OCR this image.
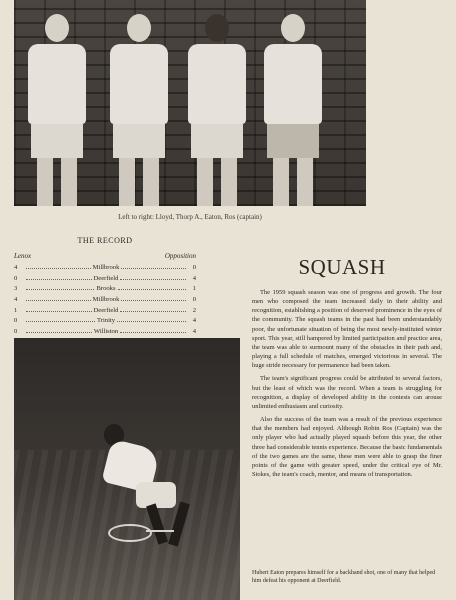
Left to right: Lloyd, Thorp A., Eaton, Ros (captain)
THE RECORD
Lenox	Opposition
4	Millbrook	0
0	Deerfield	4
3	Brooks	1
4	Millbrook	0
1	Deerfield	2
0	Trinity	4
0	Williston	4
SQUASH

The 1959 squash season was one of progress and growth. The four men who composed the team increased daily in their ability and recognition, establishing a position of deserved prominence in the eyes of the community. The squash teams in the past had been understandably poor, the unfortunate situation of being the most newly-instituted winter sport. This year, still hampered by limited participation and practice area, the team was able to surmount many of the obstacles in their path and, playing a full schedule of matches, emerged victorious in several. The huge stride necessary for permanence had been taken.

The team's significant progress could be attributed to several factors, but the least of which was the record. When a team is struggling for recognition, a display of developed ability in the contests can arouse unlimited enthusiasm and curiosity.

Also the success of the team was a result of the previous experience that the members had enjoyed. Although Robin Ros (Captain) was the only player who had actually played squash before this year, the other three had considerable tennis experience. Because the basic fundamentals of the two games are the same, these men were able to grasp the finer points of the game with greater speed, under the critical eye of Mr. Stokes, the team's coach, mentor, and means of transportation.

Hubert Eaton prepares himself for a backhand shot, one of many that helped him defeat his opponent at Deerfield.
